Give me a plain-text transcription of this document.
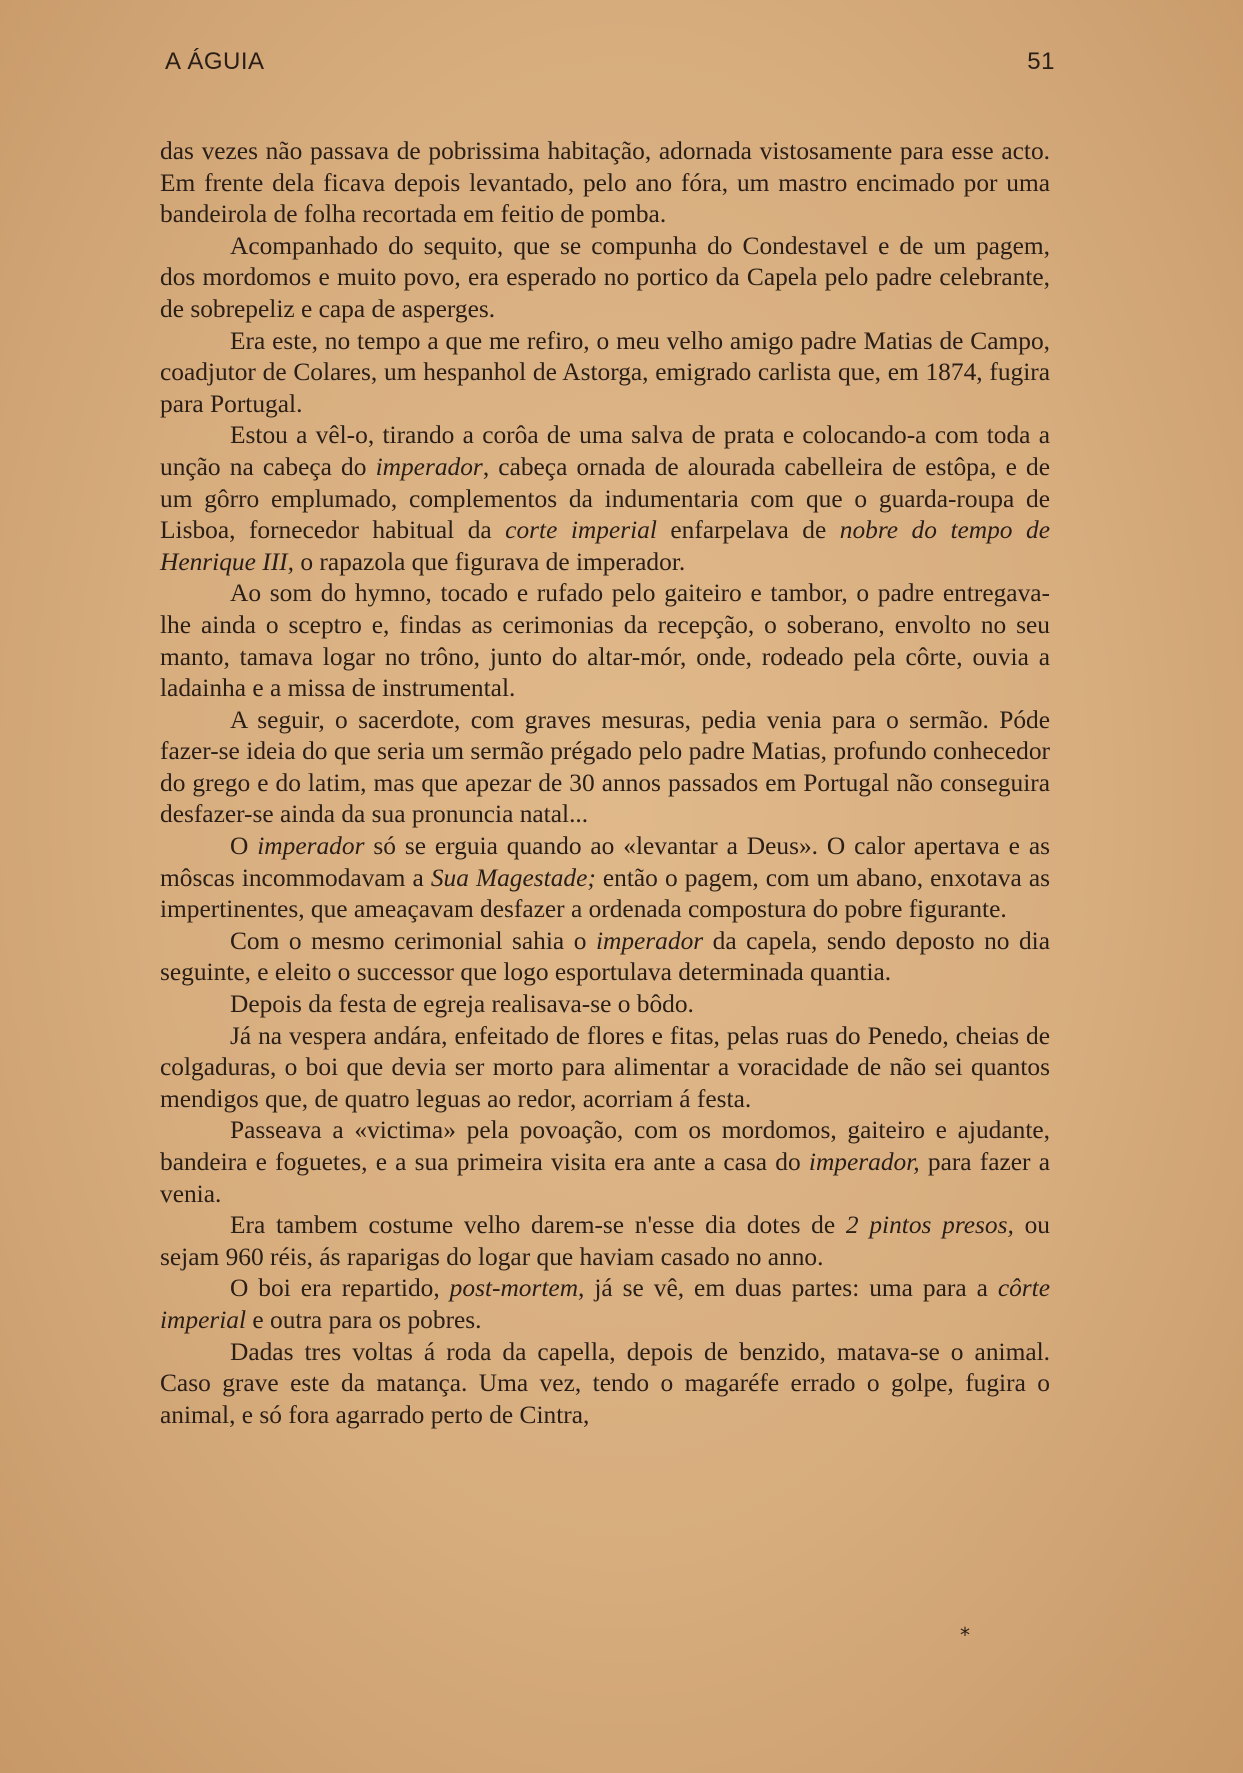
A ÁGUIA	51

das vezes não passava de pobrissima habitação, adornada vistosamente para esse acto. Em frente dela ficava depois levantado, pelo ano fóra, um mastro encimado por uma bandeirola de folha recortada em feitio de pomba.

Acompanhado do sequito, que se compunha do Condestavel e de um pagem, dos mordomos e muito povo, era esperado no portico da Capela pelo padre celebrante, de sobrepeliz e capa de asperges.

Era este, no tempo a que me refiro, o meu velho amigo padre Matias de Campo, coadjutor de Colares, um hespanhol de Astorga, emigrado carlista que, em 1874, fugira para Portugal.

Estou a vêl-o, tirando a corôa de uma salva de prata e colocando-a com toda a unção na cabeça do imperador, cabeça ornada de alourada cabelleira de estôpa, e de um gôrro emplumado, complementos da indumentaria com que o guarda-roupa de Lisboa, fornecedor habitual da corte imperial enfarpelava de nobre do tempo de Henrique III, o rapazola que figurava de imperador.

Ao som do hymno, tocado e rufado pelo gaiteiro e tambor, o padre entregava-lhe ainda o sceptro e, findas as cerimonias da recepção, o soberano, envolto no seu manto, tamava logar no trôno, junto do altar-mór, onde, rodeado pela côrte, ouvia a ladainha e a missa de instrumental.

A seguir, o sacerdote, com graves mesuras, pedia venia para o sermão. Póde fazer-se ideia do que seria um sermão prégado pelo padre Matias, profundo conhecedor do grego e do latim, mas que apezar de 30 annos passados em Portugal não conseguira desfazer-se ainda da sua pronuncia natal...

O imperador só se erguia quando ao «levantar a Deus». O calor apertava e as môscas incommodavam a Sua Magestade; então o pagem, com um abano, enxotava as impertinentes, que ameaçavam desfazer a ordenada compostura do pobre figurante.

Com o mesmo cerimonial sahia o imperador da capela, sendo deposto no dia seguinte, e eleito o successor que logo esportulava determinada quantia.

Depois da festa de egreja realisava-se o bôdo.

Já na vespera andára, enfeitado de flores e fitas, pelas ruas do Penedo, cheias de colgaduras, o boi que devia ser morto para alimentar a voracidade de não sei quantos mendigos que, de quatro leguas ao redor, acorriam á festa.

Passeava a «victima» pela povoação, com os mordomos, gaiteiro e ajudante, bandeira e foguetes, e a sua primeira visita era ante a casa do imperador, para fazer a venia.

Era tambem costume velho darem-se n'esse dia dotes de 2 pintos presos, ou sejam 960 réis, ás raparigas do logar que haviam casado no anno.

O boi era repartido, post-mortem, já se vê, em duas partes: uma para a côrte imperial e outra para os pobres.

Dadas tres voltas á roda da capella, depois de benzido, matava-se o animal. Caso grave este da matança. Uma vez, tendo o magaréfe errado o golpe, fugira o animal, e só fora agarrado perto de Cintra,

*
